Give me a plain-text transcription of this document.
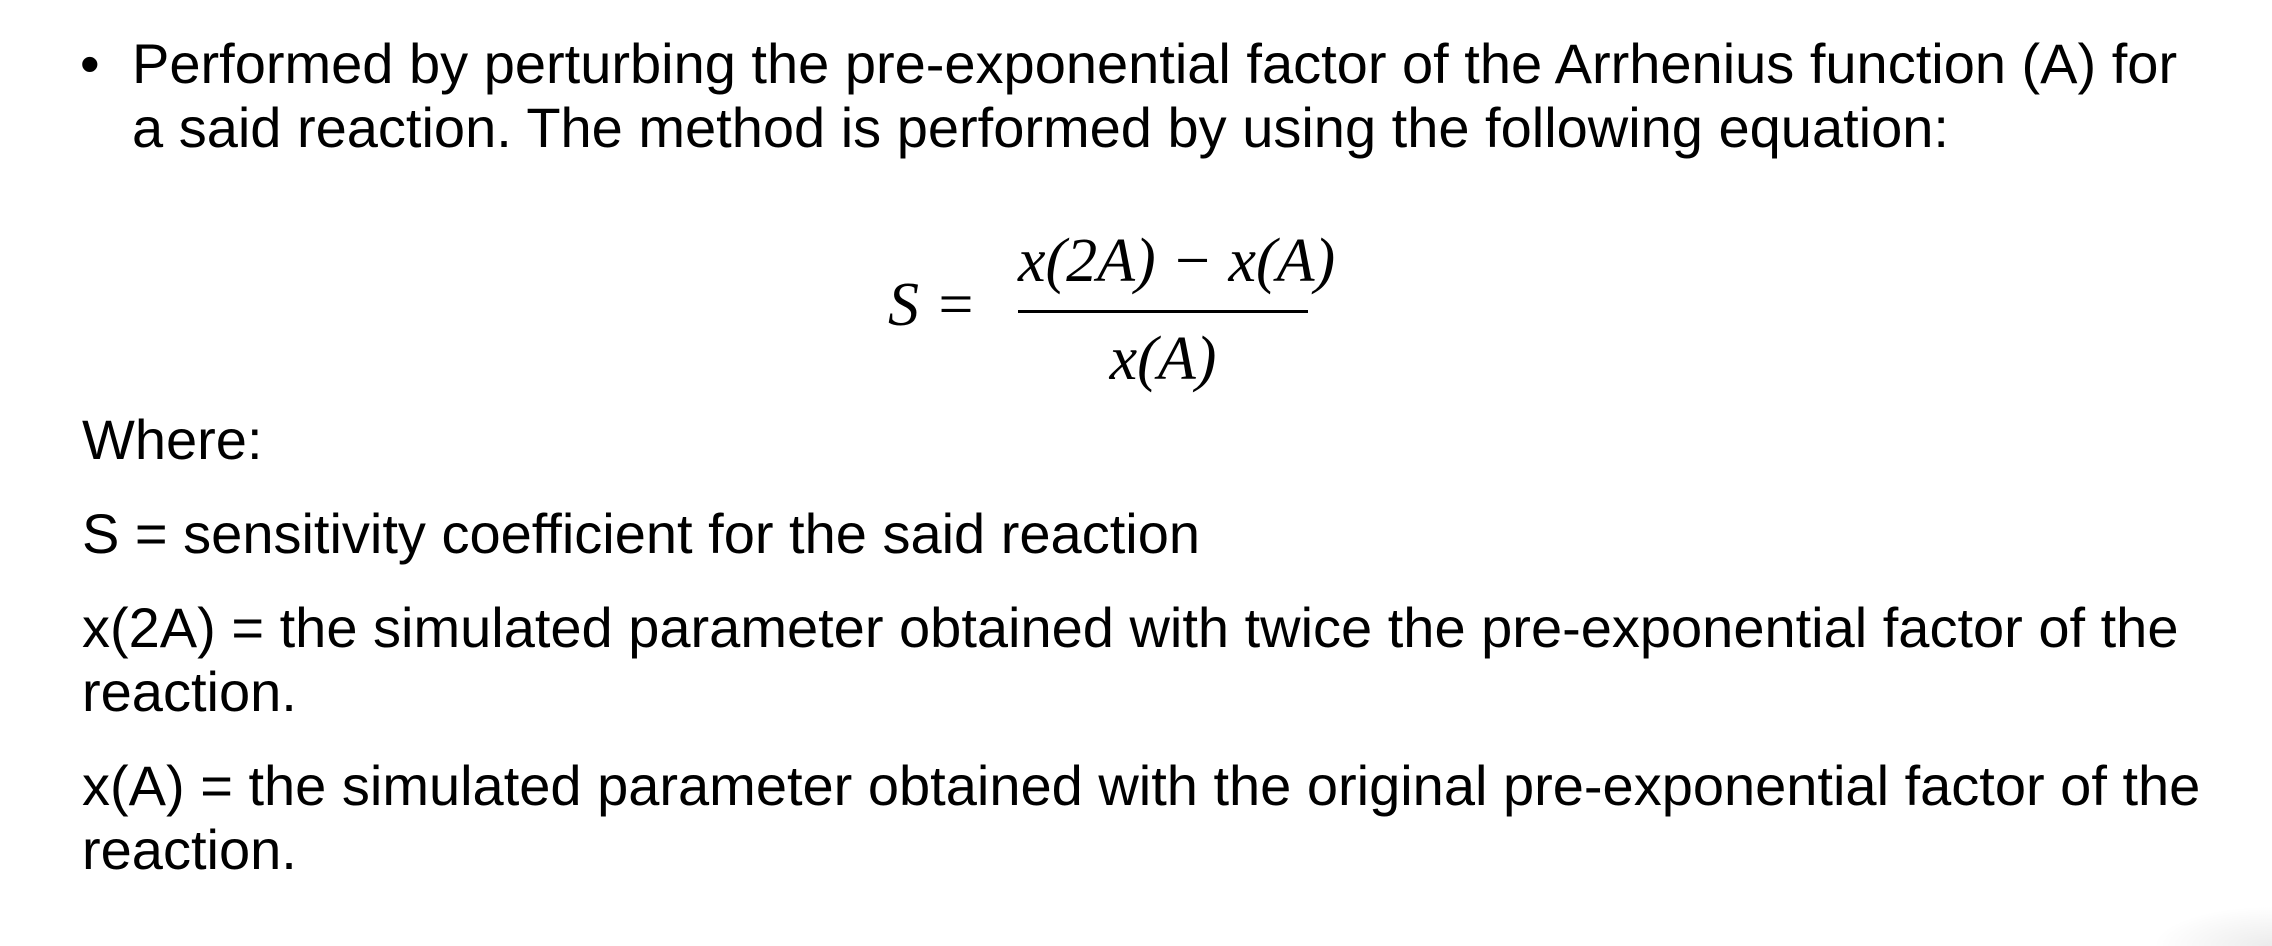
• Performed by perturbing the pre-exponential factor of the Arrhenius function (A) for a said reaction. The method is performed by using the following equation:
S =
x(2A) − x(A)
x(A)

Where:

S = sensitivity coefficient for the said reaction

x(2A) = the simulated parameter obtained with twice the pre-exponential factor of the reaction.

x(A) = the simulated parameter obtained with the original pre-exponential factor of the reaction.
